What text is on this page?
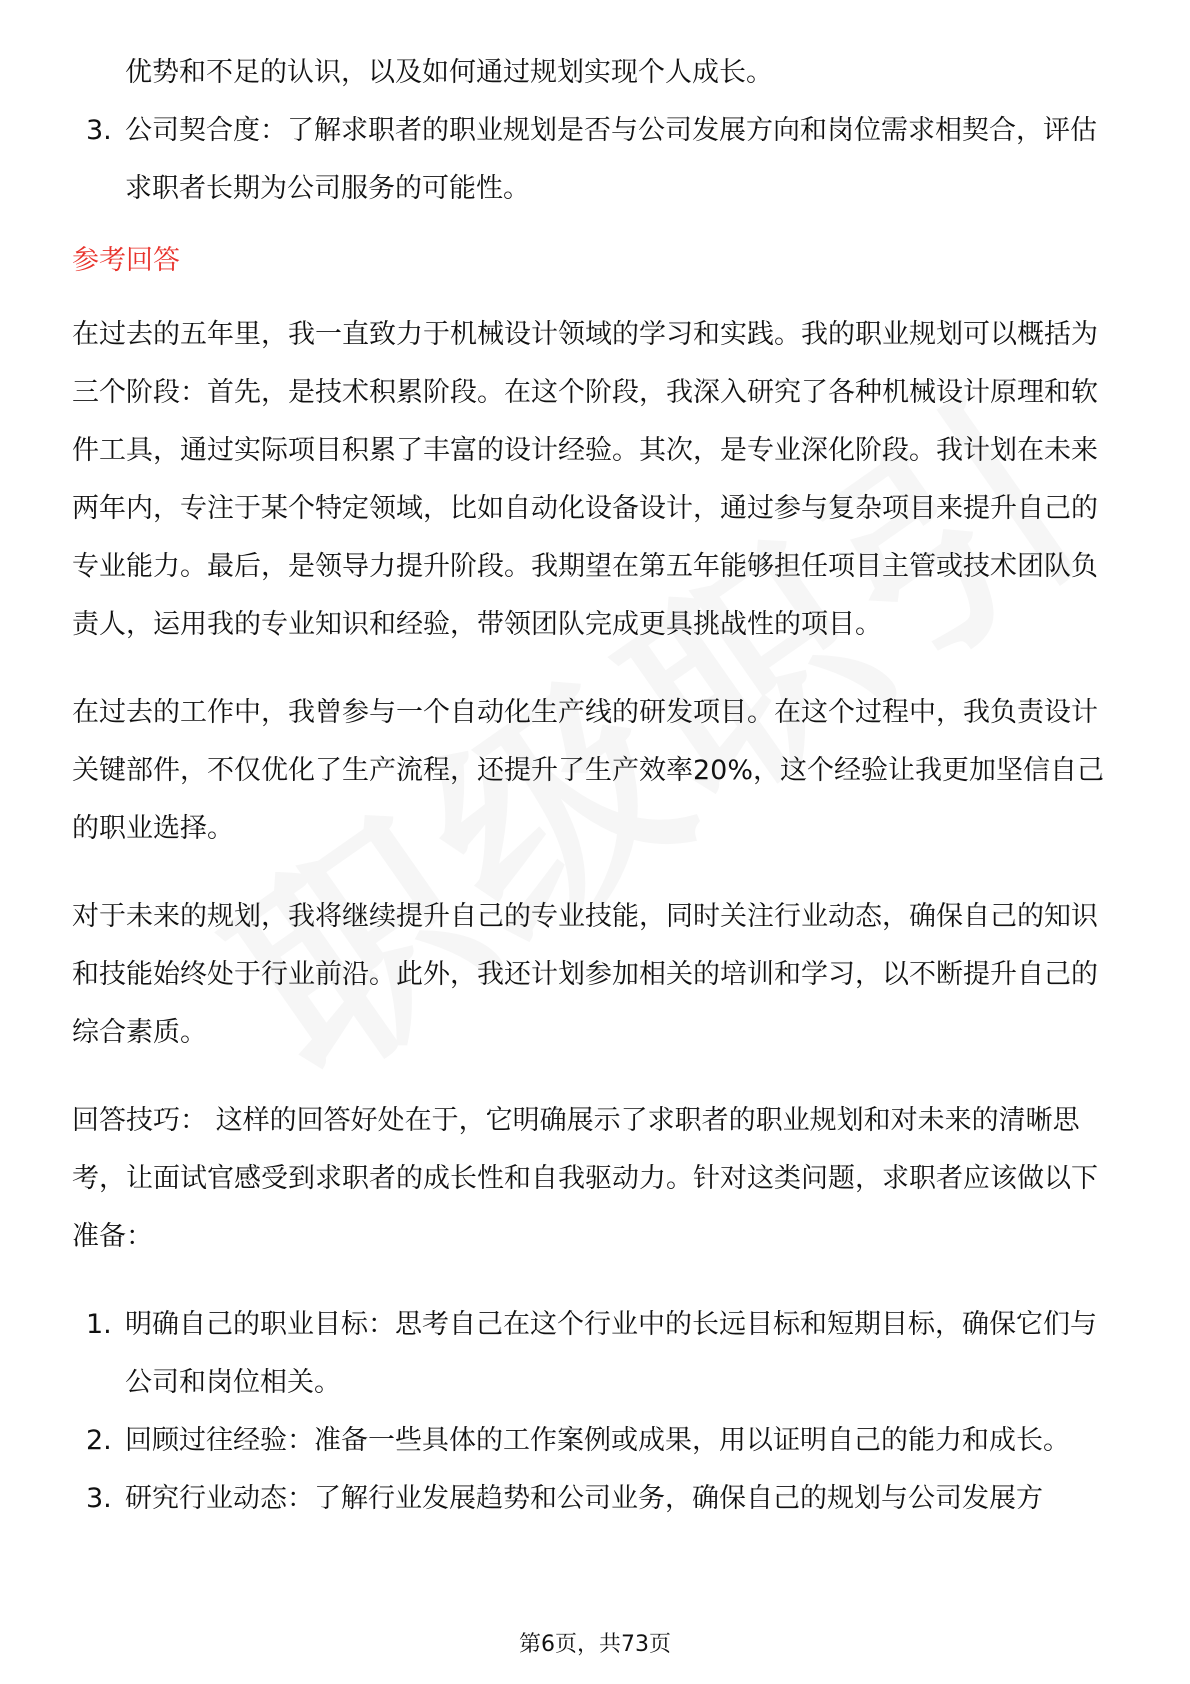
优势和不足的认识，以及如何通过规划实现个人成长。

3. 公司契合度：了解求职者的职业规划是否与公司发展方向和岗位需求相契合，评估求职者长期为公司服务的可能性。
参考回答

在过去的五年里，我一直致力于机械设计领域的学习和实践。我的职业规划可以概括为三个阶段：首先，是技术积累阶段。在这个阶段，我深入研究了各种机械设计原理和软件工具，通过实际项目积累了丰富的设计经验。其次，是专业深化阶段。我计划在未来两年内，专注于某个特定领域，比如自动化设备设计，通过参与复杂项目来提升自己的专业能力。最后，是领导力提升阶段。我期望在第五年能够担任项目主管或技术团队负责人，运用我的专业知识和经验，带领团队完成更具挑战性的项目。

在过去的工作中，我曾参与一个自动化生产线的研发项目。在这个过程中，我负责设计关键部件，不仅优化了生产流程，还提升了生产效率20%，这个经验让我更加坚信自己的职业选择。

对于未来的规划，我将继续提升自己的专业技能，同时关注行业动态，确保自己的知识和技能始终处于行业前沿。此外，我还计划参加相关的培训和学习，以不断提升自己的综合素质。

回答技巧： 这样的回答好处在于，它明确展示了求职者的职业规划和对未来的清晰思考，让面试官感受到求职者的成长性和自我驱动力。针对这类问题，求职者应该做以下准备：

1. 明确自己的职业目标：思考自己在这个行业中的长远目标和短期目标，确保它们与公司和岗位相关。
2. 回顾过往经验：准备一些具体的工作案例或成果，用以证明自己的能力和成长。
3. 研究行业动态：了解行业发展趋势和公司业务，确保自己的规划与公司发展方
第6页，共73页
